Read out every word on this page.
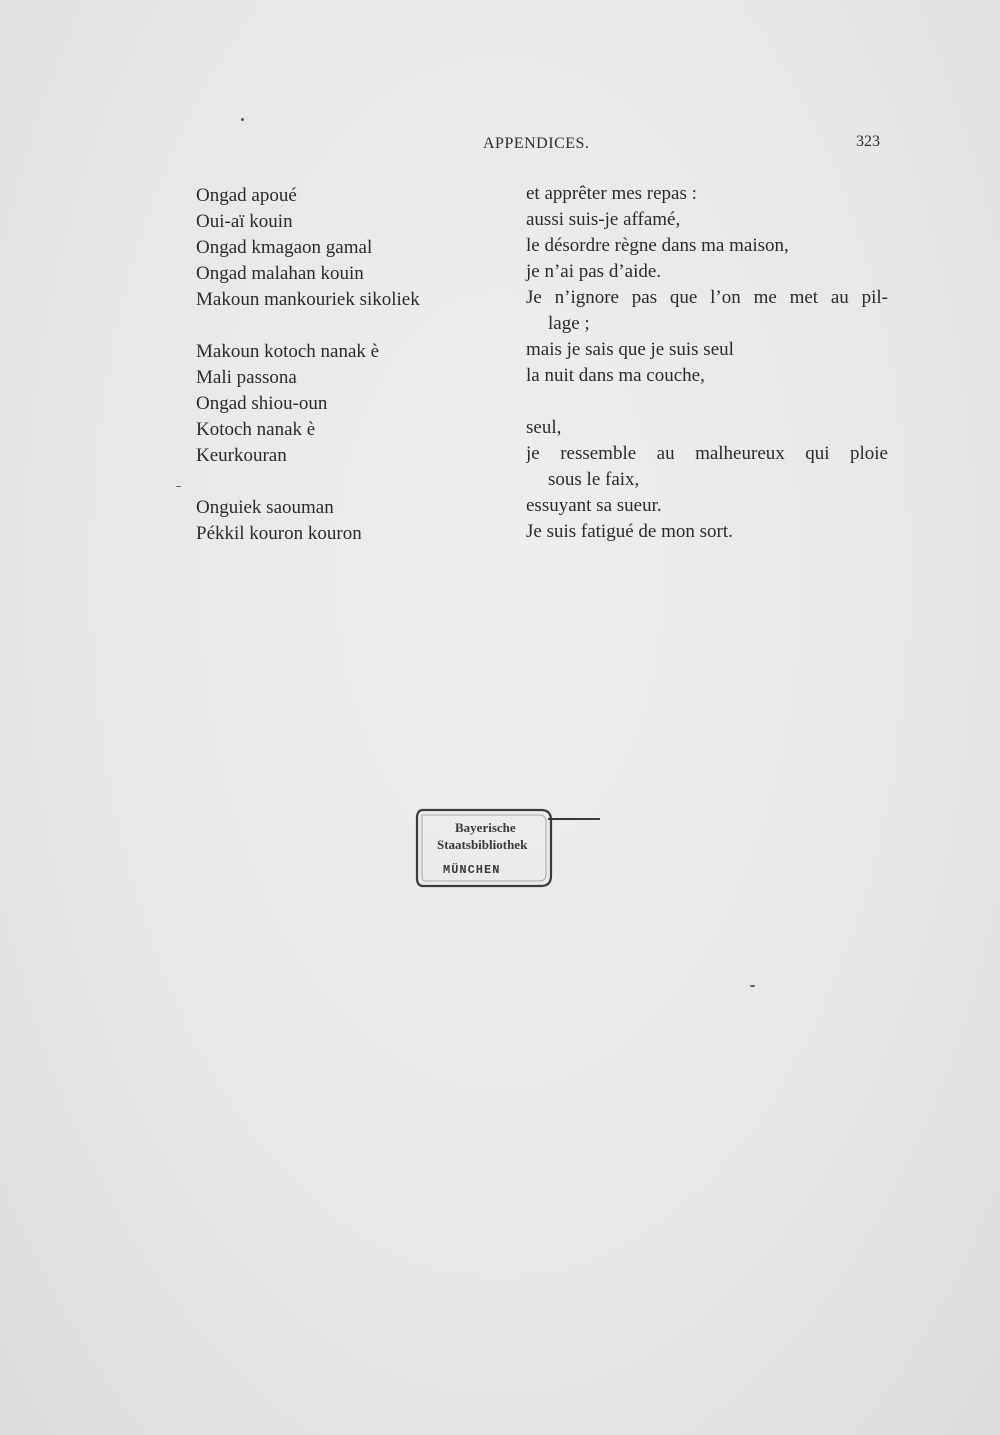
APPENDICES.	323
Ongad apoué
Oui-aï kouin
Ongad kmagaon gamal
Ongad malahan kouin
Makoun mankouriek sikoliek
Makoun kotoch nanak è
Mali passona
Ongad shiou-oun
Kotoch nanak è
Keurkouran
Onguiek saouman
Pékkil kouron kouron
et apprêter mes repas :
aussi suis-je affamé,
le désordre règne dans ma maison,
je n’ai pas d’aide.
Je n’ignore pas que l’on me met au pil-
lage ;
mais je sais que je suis seul
la nuit dans ma couche,
seul,
je ressemble au malheureux qui ploie
sous le faix,
essuyant sa sueur.
Je suis fatigué de mon sort.
Bayerische
Staatsbibliothek
MÜNCHEN
